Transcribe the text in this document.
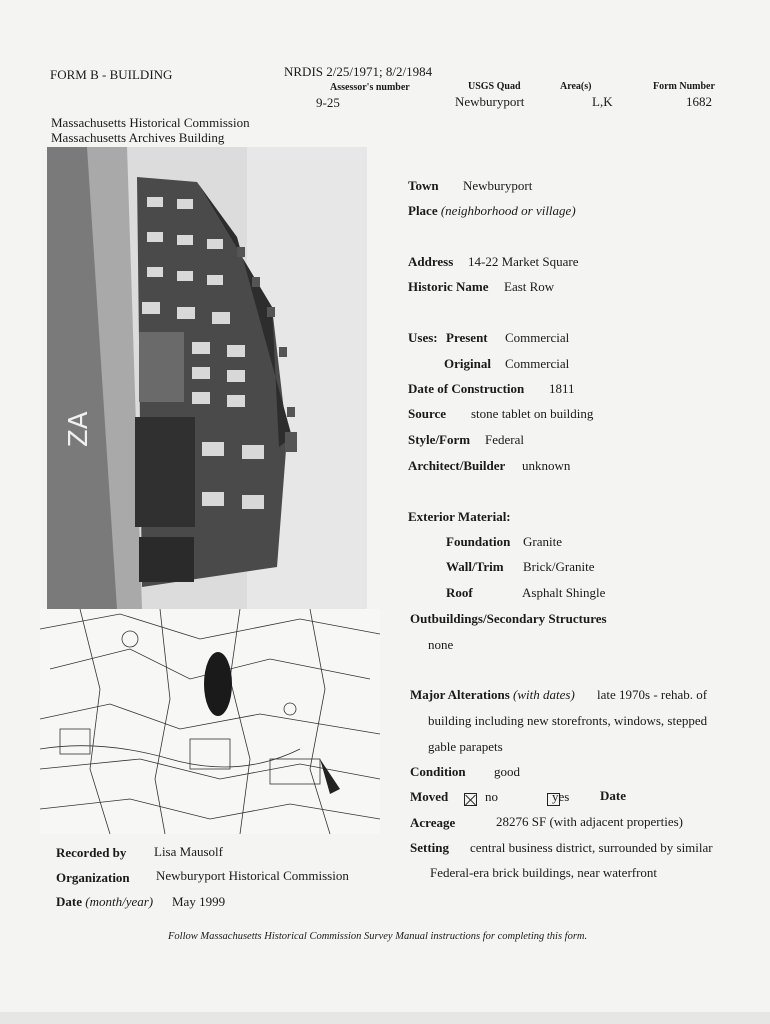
FORM B - BUILDING	NRDIS 2/25/1971; 8/2/1984
Assessor's number
9-25
USGS Quad
Newburyport
Area(s)
L,K
Form Number
1682
Massachusetts Historical Commission
Massachusetts Archives Building
ZA
Town Newburyport
Place (neighborhood or village)
Address 14-22 Market Square
Historic Name East Row
Uses: Present Commercial
Original Commercial
Date of Construction 1811
Source stone tablet on building
Style/Form Federal
Architect/Builder unknown
Exterior Material:
Foundation Granite
Wall/Trim Brick/Granite
Roof	Asphalt Shingle
Outbuildings/Secondary Structures
none
Major Alterations (with dates) late 1970s - rehab. of
building including new storefronts, windows, stepped
gable parapets
Condition good
Moved
	no	yes Date
Acreage	28276 SF (with adjacent properties)
Setting central business district, surrounded by similar
Federal-era brick buildings, near waterfront
Recorded by Lisa Mausolf
Organization Newburyport Historical Commission
Date (month/year) May 1999
Follow Massachusetts Historical Commission Survey Manual instructions for completing this form.
